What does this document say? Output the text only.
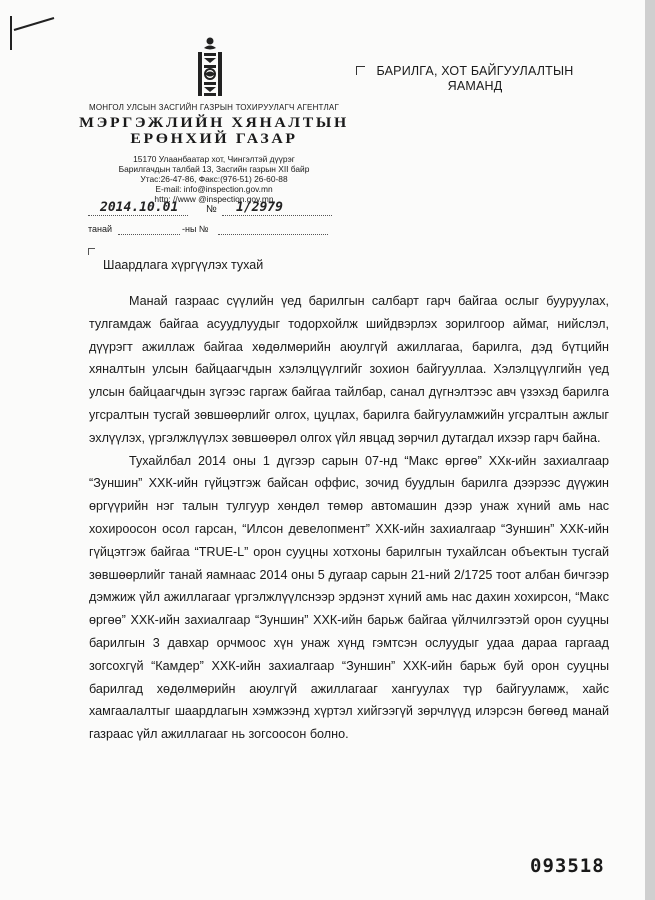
МОНГОЛ УЛСЫН ЗАСГИЙН ГАЗРЫН ТОХИРУУЛАГЧ АГЕНТЛАГ
МЭРГЭЖЛИЙН ХЯНАЛТЫН
ЕРӨНХИЙ ГАЗАР
15170 Улаанбаатар хот, Чингэлтэй дүүрэг
Барилгачдын талбай 13, Засгийн газрын XII байр
Утас:26-47-86, Факс:(976-51) 26-60-88
E-mail: info@inspection.gov.mn
http: //www @inspection.gov.mn
2014.10.01	№ 1/2979
танай	-ны №
БАРИЛГА, ХОТ БАЙГУУЛАЛТЫН
ЯАМАНД
Шаардлага хүргүүлэх тухай

Манай газраас сүүлийн үед барилгын салбарт гарч байгаа ослыг бууруулах, тулгамдаж байгаа асуудлуудыг тодорхойлж шийдвэрлэх зорилгоор аймаг, нийслэл, дүүрэгт ажиллаж байгаа хөдөлмөрийн аюулгүй ажиллагаа, барилга, дэд бүтцийн хяналтын улсын байцаагчдын хэлэлцүүлгийг зохион байгууллаа. Хэлэлцүүлгийн үед улсын байцаагчдын зүгээс гаргаж байгаа тайлбар, санал дүгнэлтээс авч үзэхэд барилга угсралтын тусгай зөвшөөрлийг олгох, цуцлах, барилга байгууламжийн угсралтын ажлыг эхлүүлэх, үргэлжлүүлэх зөвшөөрөл олгох үйл явцад зөрчил дутагдал ихээр гарч байна.

Тухайлбал 2014 оны 1 дүгээр сарын 07-нд “Макс өргөө” ХХк-ийн захиалгаар “Зуншин” ХХК-ийн гүйцэтгэж байсан оффис, зочид буудлын барилга дээрээс дүүжин өргүүрийн нэг талын тулгуур хөндөл төмөр автомашин дээр унаж хүний амь нас хохироосон осол гарсан, “Илсон девелопмент” ХХК-ийн захиалгаар “Зуншин” ХХК-ийн гүйцэтгэж байгаа “TRUE-L” орон сууцны хотхоны барилгын тухайлсан объектын тусгай зөвшөөрлийг танай яамнаас 2014 оны 5 дугаар сарын 21-ний 2/1725 тоот албан бичгээр дэмжиж үйл ажиллагааг үргэлжлүүлснээр эрдэнэт хүний амь нас дахин хохирсон, “Макс өргөө” ХХК-ийн захиалгаар “Зуншин” ХХК-ийн барьж байгаа үйлчилгээтэй орон сууцны барилгын 3 давхар орчмоос хүн унаж хүнд гэмтсэн ослуудыг удаа дараа гаргаад зогсохгүй “Камдер” ХХК-ийн захиалгаар “Зуншин” ХХК-ийн барьж буй орон сууцны барилгад хөдөлмөрийн аюулгүй ажиллагааг хангуулах түр байгууламж, хайс хамгаалалтыг шаардлагын хэмжээнд хүртэл хийгээгүй зөрчлүүд илэрсэн бөгөөд манай газраас үйл ажиллагааг нь зогсоосон болно.

093518
